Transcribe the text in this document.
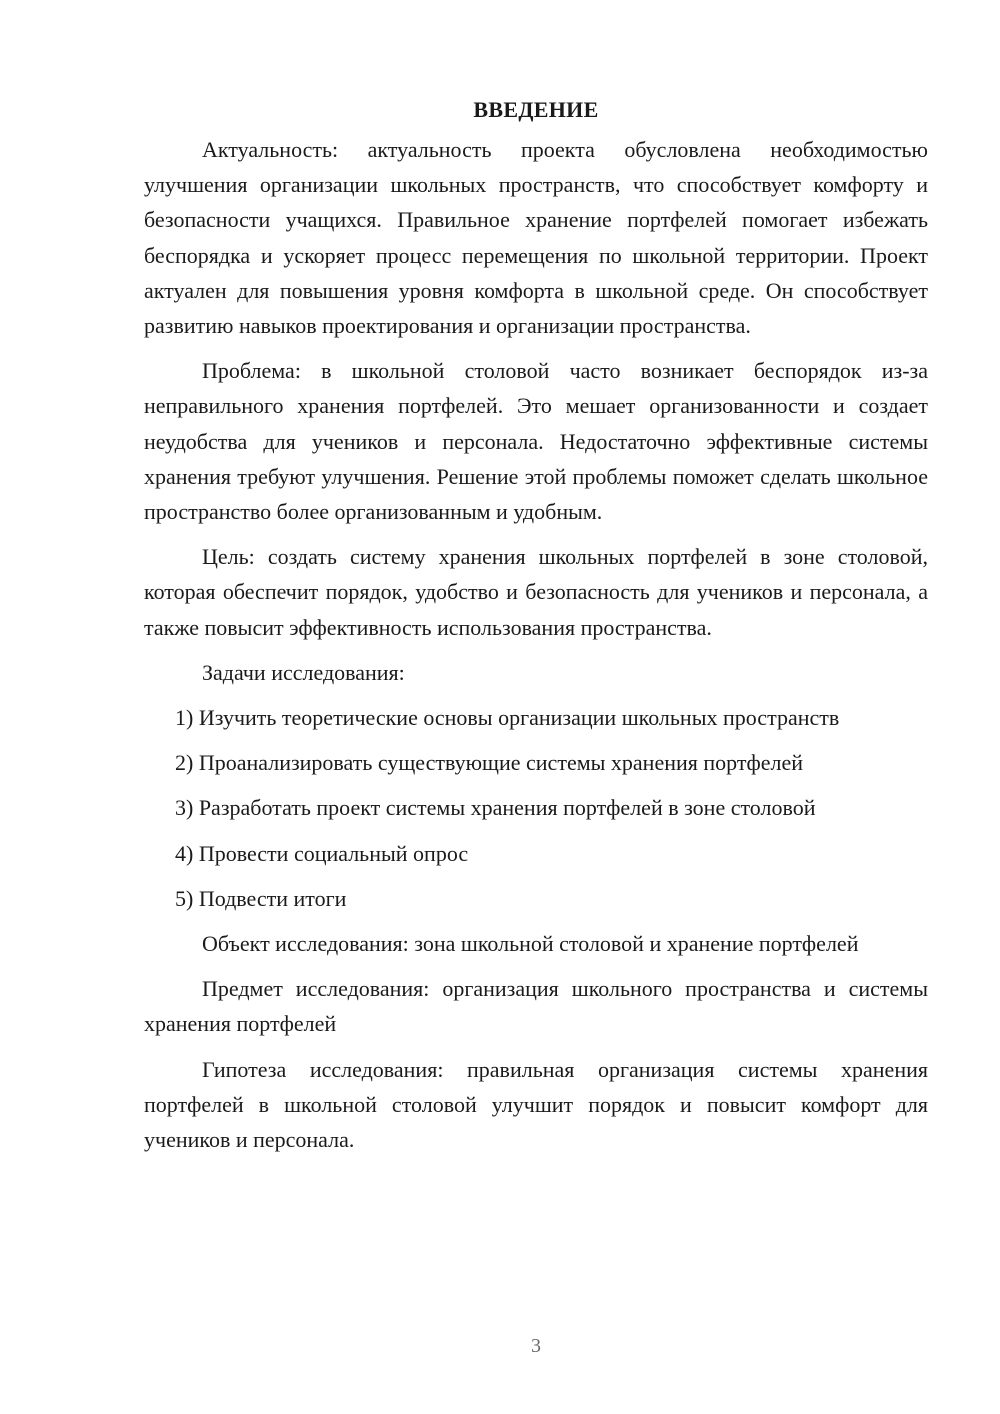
ВВЕДЕНИЕ

Актуальность: актуальность проекта обусловлена необходимостью улучшения организации школьных пространств, что способствует комфорту и безопасности учащихся. Правильное хранение портфелей помогает избежать беспорядка и ускоряет процесс перемещения по школьной территории. Проект актуален для повышения уровня комфорта в школьной среде. Он способствует развитию навыков проектирования и организации пространства.

Проблема: в школьной столовой часто возникает беспорядок из-за неправильного хранения портфелей. Это мешает организованности и создает неудобства для учеников и персонала. Недостаточно эффективные системы хранения требуют улучшения. Решение этой проблемы поможет сделать школьное пространство более организованным и удобным.

Цель: создать систему хранения школьных портфелей в зоне столовой, которая обеспечит порядок, удобство и безопасность для учеников и персонала, а также повысит эффективность использования пространства.

Задачи исследования:

1) Изучить теоретические основы организации школьных пространств
2) Проанализировать существующие системы хранения портфелей
3) Разработать проект системы хранения портфелей в зоне столовой
4) Провести социальный опрос
5) Подвести итоги

Объект исследования: зона школьной столовой и хранение портфелей

Предмет исследования: организация школьного пространства и системы хранения портфелей

Гипотеза исследования: правильная организация системы хранения портфелей в школьной столовой улучшит порядок и повысит комфорт для учеников и персонала.

3
